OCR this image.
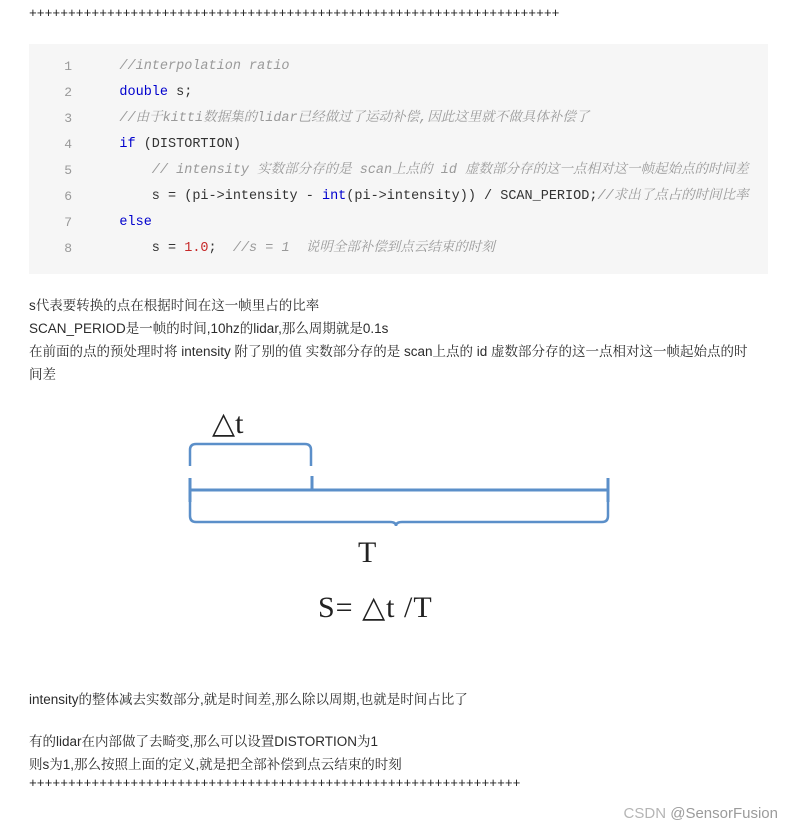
++++++++++++++++++++++++++++++++++++++++++++++++++++++++++++++++++++
1	//interpolation ratio
2	double s;
3	//由于kitti数据集的lidar已经做过了运动补偿,因此这里就不做具体补偿了
4	if (DISTORTION)
5	// intensity 实数部分存的是 scan上点的 id 虚数部分存的这一点相对这一帧起始点的时间差
6	s = (pi->intensity - int(pi->intensity)) / SCAN_PERIOD;//求出了点占的时间比率
7	else
8	s = 1.0;  //s = 1  说明全部补偿到点云结束的时刻
s代表要转换的点在根据时间在这一帧里占的比率
SCAN_PERIOD是一帧的时间,10hz的lidar,那么周期就是0.1s
在前面的点的预处理时将 intensity 附了别的值 实数部分存的是 scan上点的 id 虚数部分存的这一点相对这一帧起始点的时间差
△t
T
S= △t /T
intensity的整体减去实数部分,就是时间差,那么除以周期,也就是时间占比了
有的lidar在内部做了去畸变,那么可以设置DISTORTION为1
则s为1,那么按照上面的定义,就是把全部补偿到点云结束的时刻
+++++++++++++++++++++++++++++++++++++++++++++++++++++++++++++++
CSDN @SensorFusion
